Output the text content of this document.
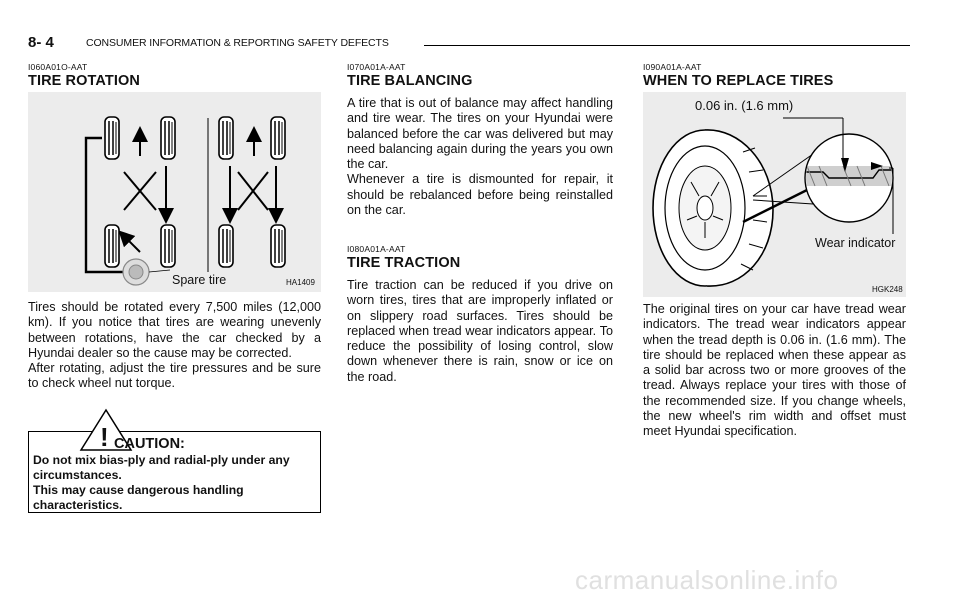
8- 4	CONSUMER INFORMATION & REPORTING SAFETY DEFECTS
I060A01O-AAT
TIRE ROTATION
Spare tire	HA1409
Tires should be rotated every 7,500 miles (12,000 km). If you notice that tires are wearing unevenly between rotations, have the car checked by a Hyundai dealer so the cause may be corrected.
After rotating, adjust the tire pressures and be sure to check wheel nut torque.
! CAUTION:
Do not mix bias-ply and radial-ply under any circumstances.
This may cause dangerous handling characteristics.
I070A01A-AAT
TIRE BALANCING
A tire that is out of balance may affect handling and tire wear. The tires on your Hyundai were balanced before the car was delivered but may need balancing again during the years you own the car.
Whenever a tire is dismounted for repair, it should be rebalanced before being reinstalled on the car.
I080A01A-AAT
TIRE TRACTION
Tire traction can be reduced if you drive on worn tires, tires that are improperly inflated or on slippery road surfaces. Tires should be replaced when tread wear indicators appear. To reduce the possibility of losing control, slow down whenever there is rain, snow or ice on the road.
I090A01A-AAT
WHEN TO REPLACE TIRES
0.06 in. (1.6 mm)
Wear indicator
HGK248
The original tires on your car have tread wear indicators. The tread wear indicators appear when the tread depth is 0.06 in. (1.6 mm). The tire should be replaced when these appear as a solid bar across two or more grooves of the tread. Always replace your tires with those of the recommended size. If you change wheels, the new wheel's rim width and offset must meet Hyundai specification.
carmanualsonline.info
